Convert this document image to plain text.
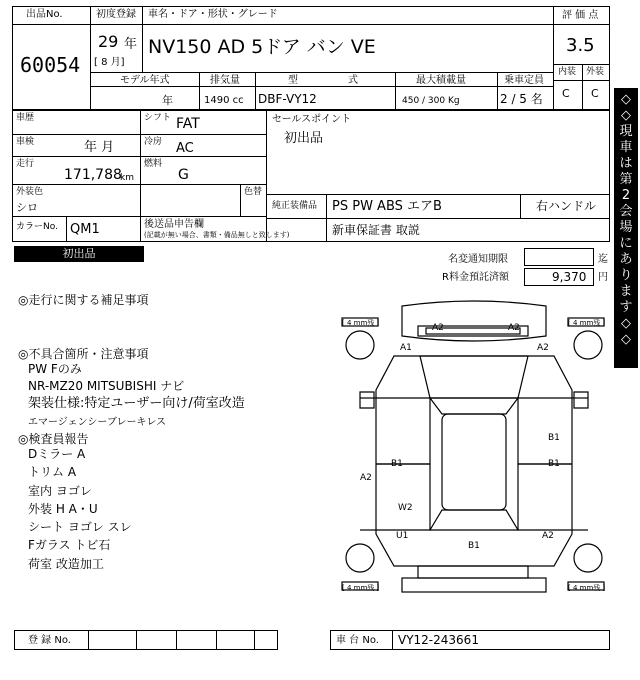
出品No.
60054
初度登録
29 年
[ 8 月]
車名・ドア・形状・グレード
NV150 AD 5ドア バン VE
評 価 点
3.5
内装 外装
C C
モデル年式
年
排気量
1490 cc
型	式
DBF-VY12
最大積載量
450 / 300 Kg
乗車定員
2 / 5 名
車歴	シフト FAT
車検	年 月	冷房 AC
走行
171,788
km
燃料
G
外装色
シロ
色替
カラーNo. QM1	後送品申告欄
(記載が無い場合、書類・備品無しと致します)
セールスポイント
初出品
純正装備品 PS PW ABS エアB	右ハンドル
新車保証書 取説
初出品	名変通知期限	迄
R料金預託済額	9,370 円
◎走行に関する補足事項
◎不具合箇所・注意事項
PW Fのみ
NR-MZ20 MITSUBISHI ナビ
架装仕様:特定ユーザー向け/荷室改造
エマージェンシーブレーキレス
◎検査員報告
Dミラー A
トリム A
室内 ヨゴレ
外装 H A・U
シート ヨゴレ スレ
Fガラス トビ石
荷室 改造加工
[ 4 mm残 ]	[ 4 mm残 ]
[ 4 mm残 ]	[ 4 mm残 ]
A2	A2
A1	A2
B1
B1	B1
A2
W2
U1	A2
B1
◇
◇
現
車
は
第
2
会
場
に
あ
り
ま
す
◇
◇
登 録 No.	車 台 No. VY12-243661
